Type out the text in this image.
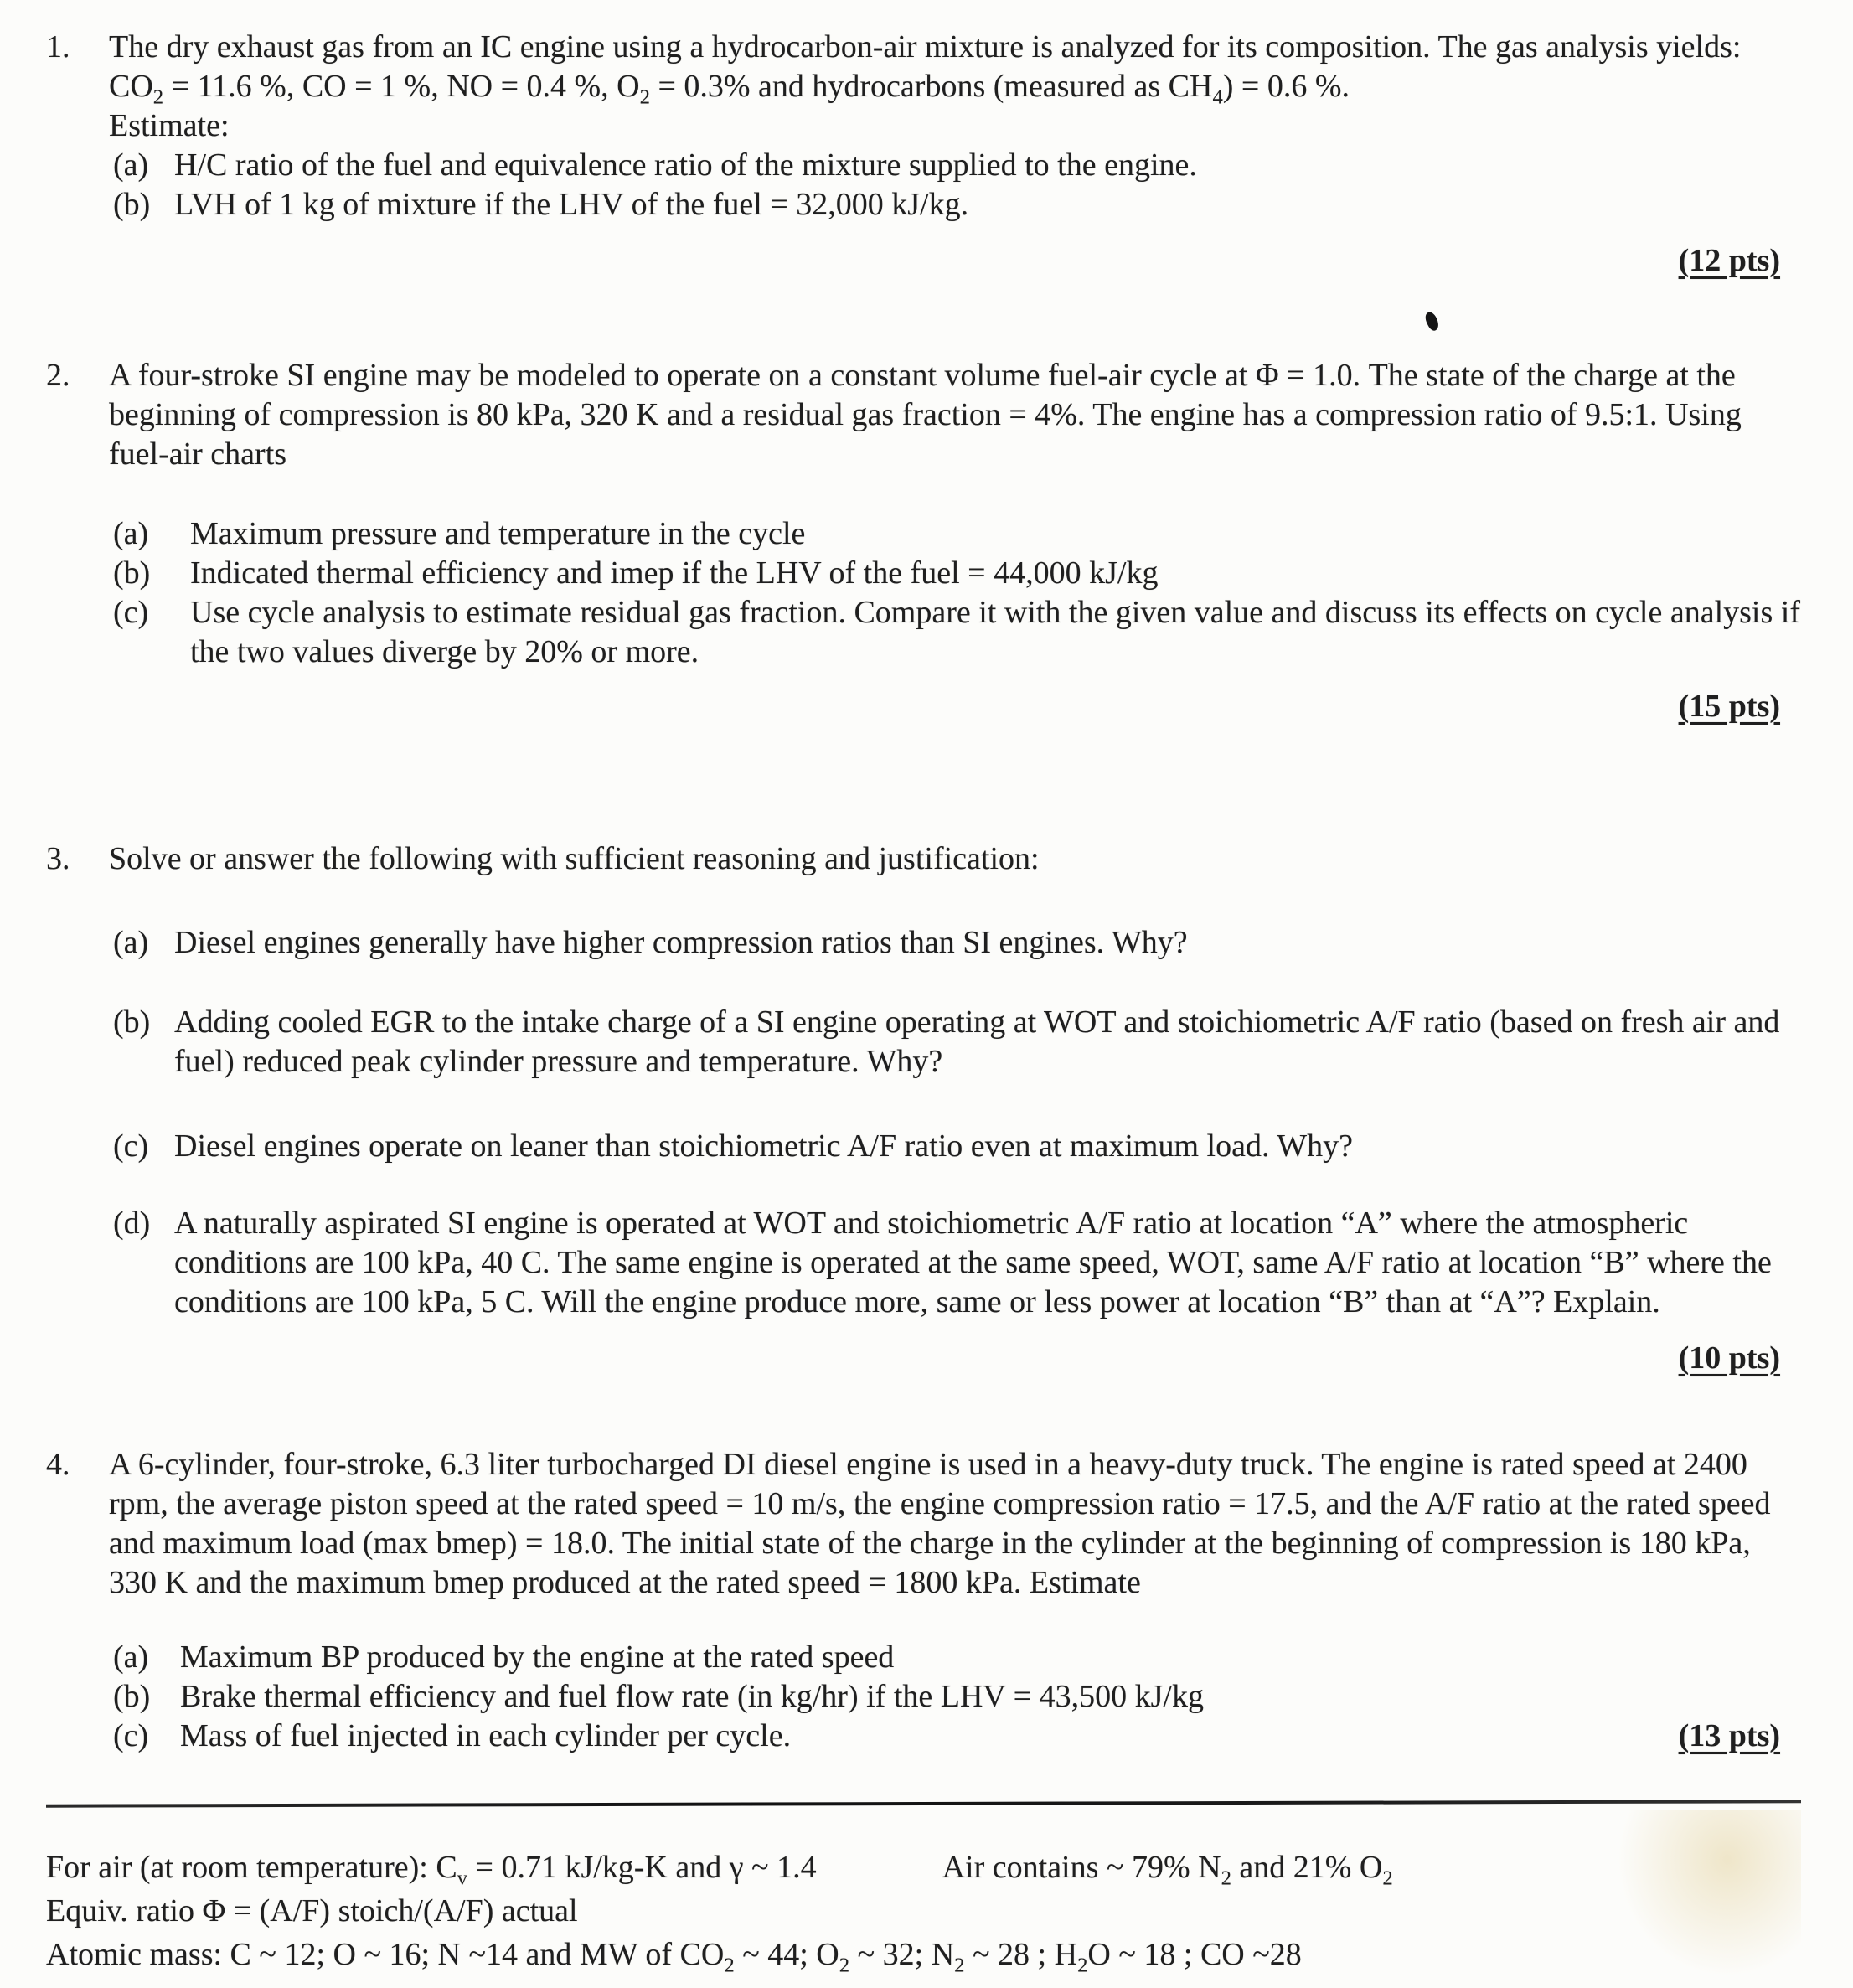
1.	The dry exhaust gas from an IC engine using a hydrocarbon-air mixture is analyzed for its composition. The gas analysis yields: $CO_2 = 11.6$ %, CO = 1 %, NO = 0.4 %, $O_2 = 0.3\%$ and hydrocarbons (measured as $CH_4) = 0.6$ %.

Estimate:

(a) H/C ratio of the fuel and equivalence ratio of the mixture supplied to the engine.

(b) LVH of 1 kg of mixture if the LHV of the fuel = 32,000 kJ/kg.

(12 pts)

2.	A four-stroke SI engine may be modeled to operate on a constant volume fuel-air cycle at Φ = 1.0. The state of the charge at the beginning of compression is 80 kPa, 320 K and a residual gas fraction = 4%. The engine has a compression ratio of 9.5:1. Using fuel-air charts

(a)	Maximum pressure and temperature in the cycle

(b)	Indicated thermal efficiency and imep if the LHV of the fuel = 44,000 kJ/kg

(c)	Use cycle analysis to estimate residual gas fraction. Compare it with the given value and discuss its effects on cycle analysis if the two values diverge by 20% or more.

(15 pts)

3.	Solve or answer the following with sufficient reasoning and justification:

(a) Diesel engines generally have higher compression ratios than SI engines. Why?

(b) Adding cooled EGR to the intake charge of a SI engine operating at WOT and stoichiometric A/F ratio (based on fresh air and fuel) reduced peak cylinder pressure and temperature. Why?

(c) Diesel engines operate on leaner than stoichiometric A/F ratio even at maximum load. Why?

(d) A naturally aspirated SI engine is operated at WOT and stoichiometric A/F ratio at location “A” where the atmospheric conditions are 100 kPa, 40 C. The same engine is operated at the same speed, WOT, same A/F ratio at location “B” where the conditions are 100 kPa, 5 C. Will the engine produce more, same or less power at location “B” than at “A”? Explain.

(10 pts)

4.	A 6-cylinder, four-stroke, 6.3 liter turbocharged DI diesel engine is used in a heavy-duty truck. The engine is rated speed at 2400 rpm, the average piston speed at the rated speed = 10 m/s, the engine compression ratio = 17.5, and the A/F ratio at the rated speed and maximum load (max bmep) = 18.0. The initial state of the charge in the cylinder at the beginning of compression is 180 kPa, 330 K and the maximum bmep produced at the rated speed = 1800 kPa. Estimate

(a) Maximum BP produced by the engine at the rated speed

(b) Brake thermal efficiency and fuel flow rate (in kg/hr) if the LHV = 43,500 kJ/kg

(c) Mass of fuel injected in each cylinder per cycle.	(13 pts)

For air (at room temperature): $C_v = 0.71$ kJ/kg-K and γ ~ 1.4	Air contains ~ 79% $N_2$ and 21% $O_2$

Equiv. ratio Φ = (A/F) stoich/(A/F) actual

Atomic mass: C ~ 12; O ~ 16; N ~14 and MW of $CO_2$ ~ 44; $O_2$ ~ 32; $N_2$ ~ 28 ; $H_2O$ ~ 18 ; CO ~28
